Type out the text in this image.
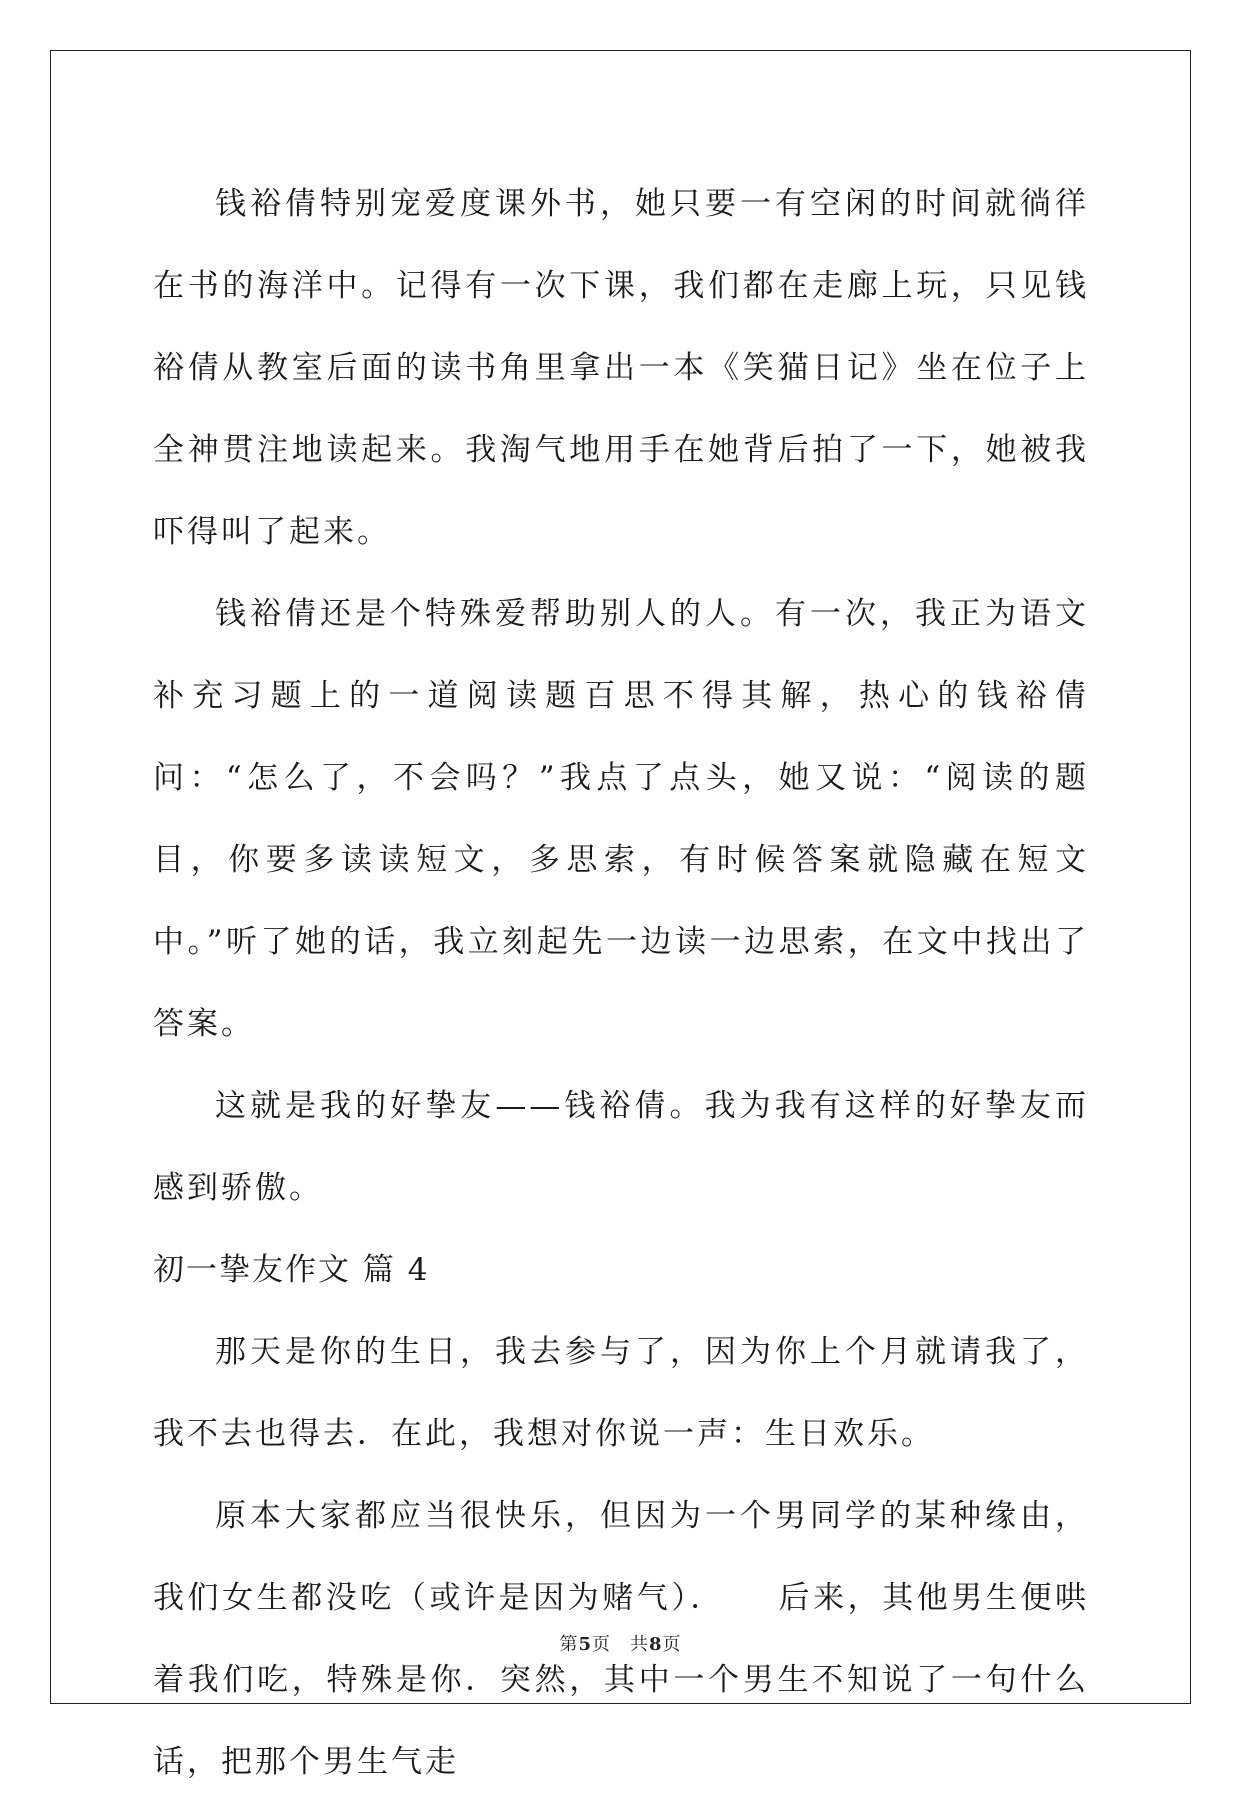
钱裕倩特别宠爱度课外书，她只要一有空闲的时间就徜徉在书的海洋中。记得有一次下课，我们都在走廊上玩，只见钱裕倩从教室后面的读书角里拿出一本《笑猫日记》坐在位子上全神贯注地读起来。我淘气地用手在她背后拍了一下，她被我吓得叫了起来。

钱裕倩还是个特殊爱帮助别人的人。有一次，我正为语文补充习题上的一道阅读题百思不得其解，热心的钱裕倩问：“怎么了，不会吗？”我点了点头，她又说：“阅读的题目，你要多读读短文，多思索，有时候答案就隐藏在短文中。”听了她的话，我立刻起先一边读一边思索，在文中找出了答案。

这就是我的好挚友——钱裕倩。我为我有这样的好挚友而感到骄傲。

初一挚友作文 篇 4

那天是你的生日，我去参与了，因为你上个月就请我了，我不去也得去．在此，我想对你说一声：生日欢乐。

原本大家都应当很快乐，但因为一个男同学的某种缘由，我们女生都没吃（或许是因为赌气）．　　后来，其他男生便哄着我们吃，特殊是你．突然，其中一个男生不知说了一句什么话，把那个男生气走

第5页　共8页
